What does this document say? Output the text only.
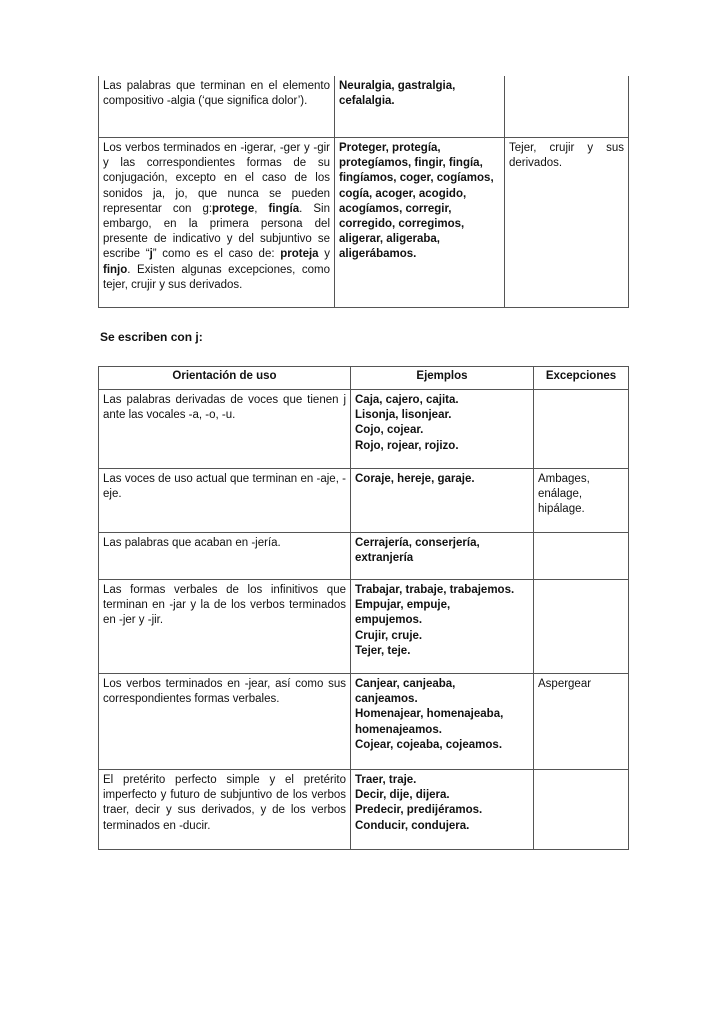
Las palabras que terminan en el elemento compositivo -algia (‘que significa dolor’).	Neuralgia, gastralgia, cefalalgia.	
Los verbos terminados en -igerar, -ger y -gir y las correspondientes formas de su conjugación, excepto en el caso de los sonidos ja, jo, que nunca se pueden representar con g:protege, fingía. Sin embargo, en la primera persona del presente de indicativo y del subjuntivo se escribe “j” como es el caso de: proteja y finjo. Existen algunas excepciones, como tejer, crujir y sus derivados.	Proteger, protegía, protegíamos, fingir, fingía, fingíamos, coger, cogíamos, cogía, acoger, acogido, acogíamos, corregir, corregido, corregimos, aligerar, aligeraba, aligerábamos.	Tejer, crujir y sus derivados.
Se escriben con j:
Orientación de uso	Ejemplos	Excepciones
Las palabras derivadas de voces que tienen j ante las vocales -a, -o, -u.	Caja, cajero, cajita.
Lisonja, lisonjear.
Cojo, cojear.
Rojo, rojear, rojizo.	

Las voces de uso actual que terminan en -aje, -eje.	Coraje, hereje, garaje.	Ambages,
enálage,
hipálage.

Las palabras que acaban en -jería.	Cerrajería, conserjería,
extranjería	

Las formas verbales de los infinitivos que terminan en -jar y la de los verbos terminados en -jer y -jir.	Trabajar, trabaje, trabajemos.
Empujar, empuje,
empujemos.
Crujir, cruje.
Tejer, teje.	

Los verbos terminados en -jear, así como sus correspondientes formas verbales.	Canjear, canjeaba,
canjeamos.
Homenajear, homenajeaba,
homenajeamos.
Cojear, cojeaba, cojeamos.	Aspergear

El pretérito perfecto simple y el pretérito imperfecto y futuro de subjuntivo de los verbos traer, decir y sus derivados, y de los verbos terminados en -ducir.	Traer, traje.
Decir, dije, dijera.
Predecir, predijéramos.
Conducir, condujera.	
